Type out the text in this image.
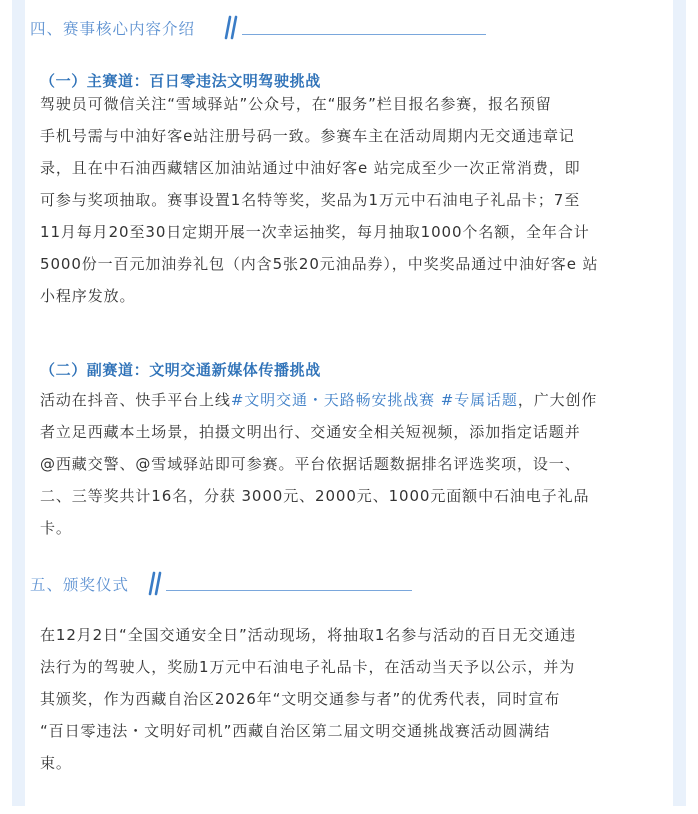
四、赛事核心内容介绍
（一）主赛道：百日零违法文明驾驶挑战
驾驶员可微信关注“雪域驿站”公众号，在“服务”栏目报名参赛，报名预留
手机号需与中油好客e站注册号码一致。参赛车主在活动周期内无交通违章记
录，且在中石油西藏辖区加油站通过中油好客e 站完成至少一次正常消费，即
可参与奖项抽取。赛事设置1名特等奖，奖品为1万元中石油电子礼品卡；7至
11月每月20至30日定期开展一次幸运抽奖，每月抽取1000个名额，全年合计
5000份一百元加油券礼包（内含5张20元油品券），中奖奖品通过中油好客e 站
小程序发放。
（二）副赛道：文明交通新媒体传播挑战
活动在抖音、快手平台上线#文明交通・天路畅安挑战赛 #专属话题，广大创作
者立足西藏本土场景，拍摄文明出行、交通安全相关短视频，添加指定话题并
@西藏交警、@雪域驿站即可参赛。平台依据话题数据排名评选奖项，设一、
二、三等奖共计16名，分获 3000元、2000元、1000元面额中石油电子礼品
卡。
五、颁奖仪式
在12月2日“全国交通安全日”活动现场，将抽取1名参与活动的百日无交通违
法行为的驾驶人，奖励1万元中石油电子礼品卡，在活动当天予以公示，并为
其颁奖，作为西藏自治区2026年“文明交通参与者”的优秀代表，同时宣布
“百日零违法・文明好司机”西藏自治区第二届文明交通挑战赛活动圆满结
束。
